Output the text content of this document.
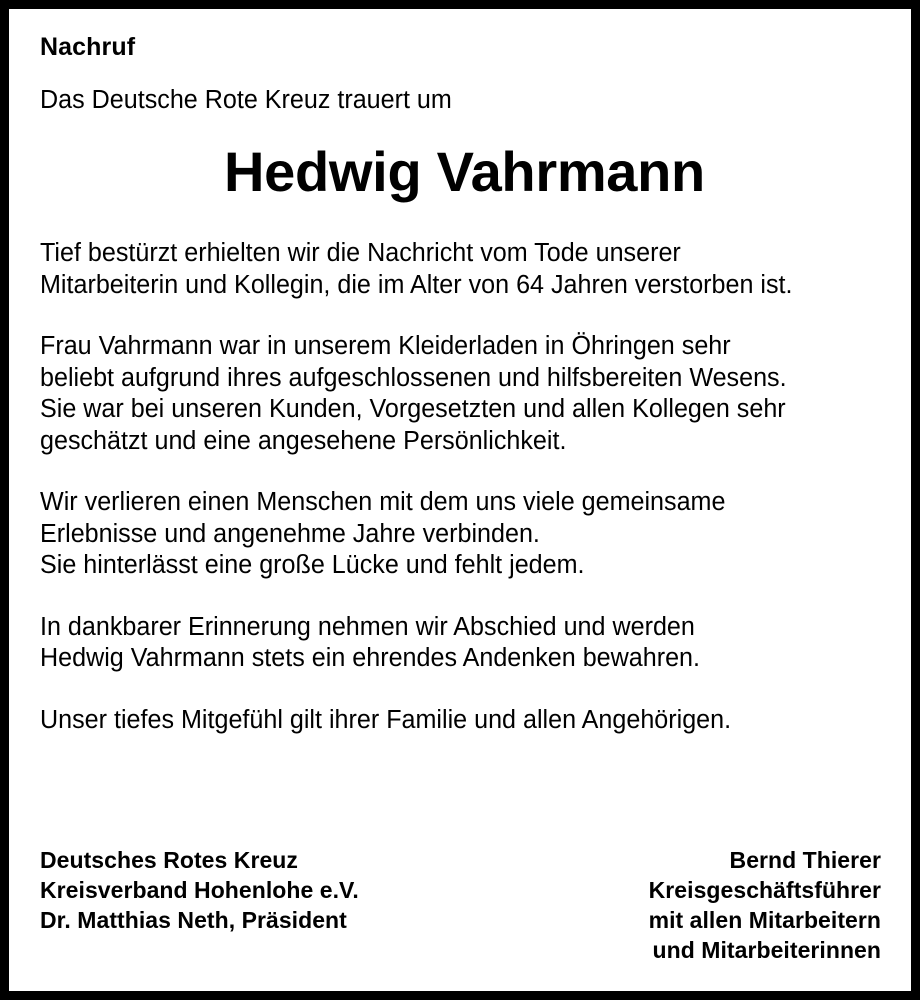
Nachruf
Das Deutsche Rote Kreuz trauert um
Hedwig Vahrmann
Tief bestürzt erhielten wir die Nachricht vom Tode unserer
Mitarbeiterin und Kollegin, die im Alter von 64 Jahren verstorben ist.
Frau Vahrmann war in unserem Kleiderladen in Öhringen sehr
beliebt aufgrund ihres aufgeschlossenen und hilfsbereiten Wesens.
Sie war bei unseren Kunden, Vorgesetzten und allen Kollegen sehr
geschätzt und eine angesehene Persönlichkeit.
Wir verlieren einen Menschen mit dem uns viele gemeinsame
Erlebnisse und angenehme Jahre verbinden.
Sie hinterlässt eine große Lücke und fehlt jedem.
In dankbarer Erinnerung nehmen wir Abschied und werden
Hedwig Vahrmann stets ein ehrendes Andenken bewahren.
Unser tiefes Mitgefühl gilt ihrer Familie und allen Angehörigen.
Deutsches Rotes Kreuz
Kreisverband Hohenlohe e.V.
Dr. Matthias Neth, Präsident
Bernd Thierer
Kreisgeschäftsführer
mit allen Mitarbeitern
und Mitarbeiterinnen
